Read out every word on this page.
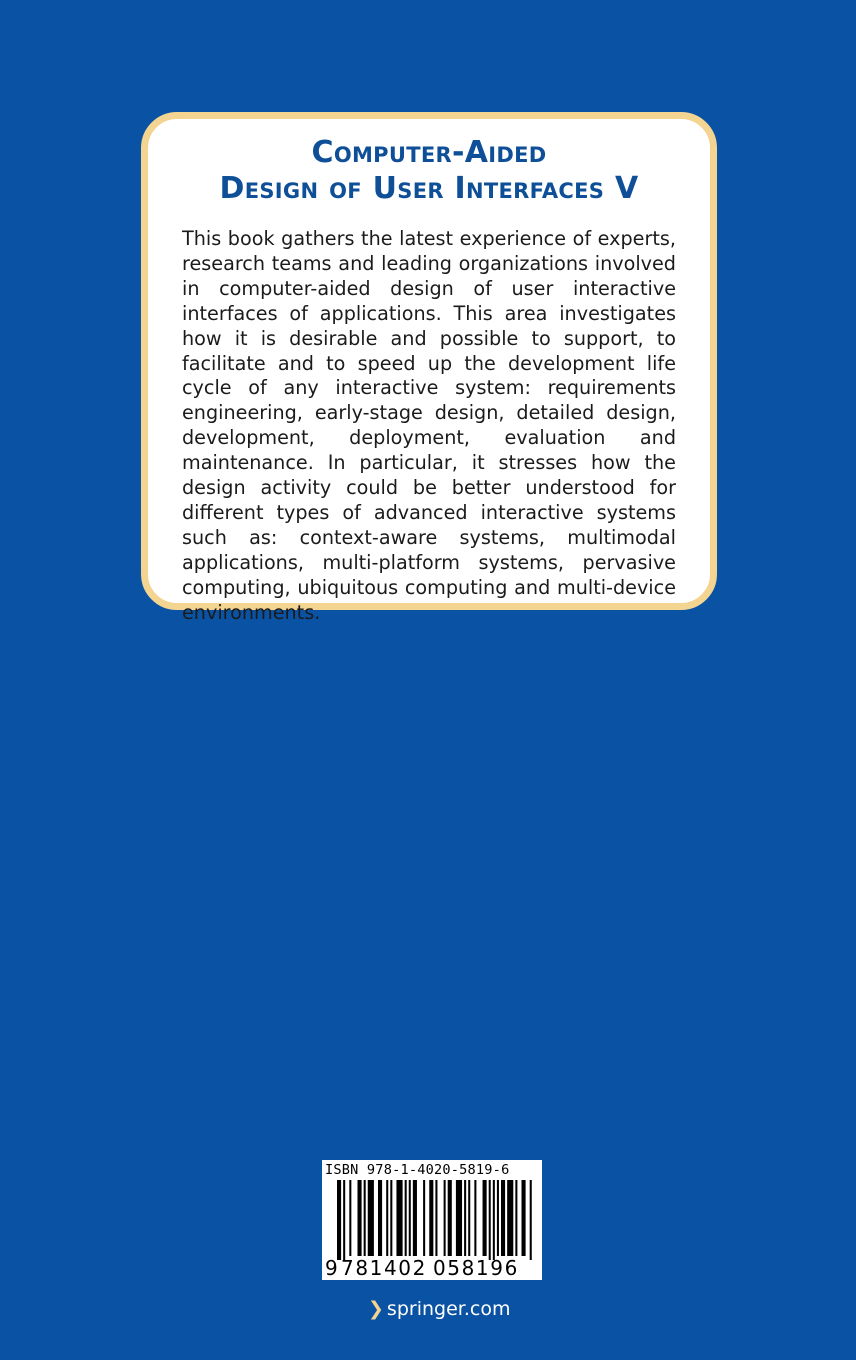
Computer-Aided
Design of User Interfaces V

This book gathers the latest experience of experts, research teams and leading organizations involved in computer-aided design of user interactive interfaces of applications. This area investigates how it is desirable and possible to support, to facilitate and to speed up the development life cycle of any interactive system: requirements engineering, early-stage design, detailed design, development, deployment, evaluation and maintenance. In particular, it stresses how the design activity could be better understood for different types of advanced interactive systems such as: context-aware systems, multimodal applications, multi-platform systems, pervasive computing, ubiquitous computing and multi-device environments.

ISBN 978-1-4020-5819-6
9 781402 058196
❯ springer.com
